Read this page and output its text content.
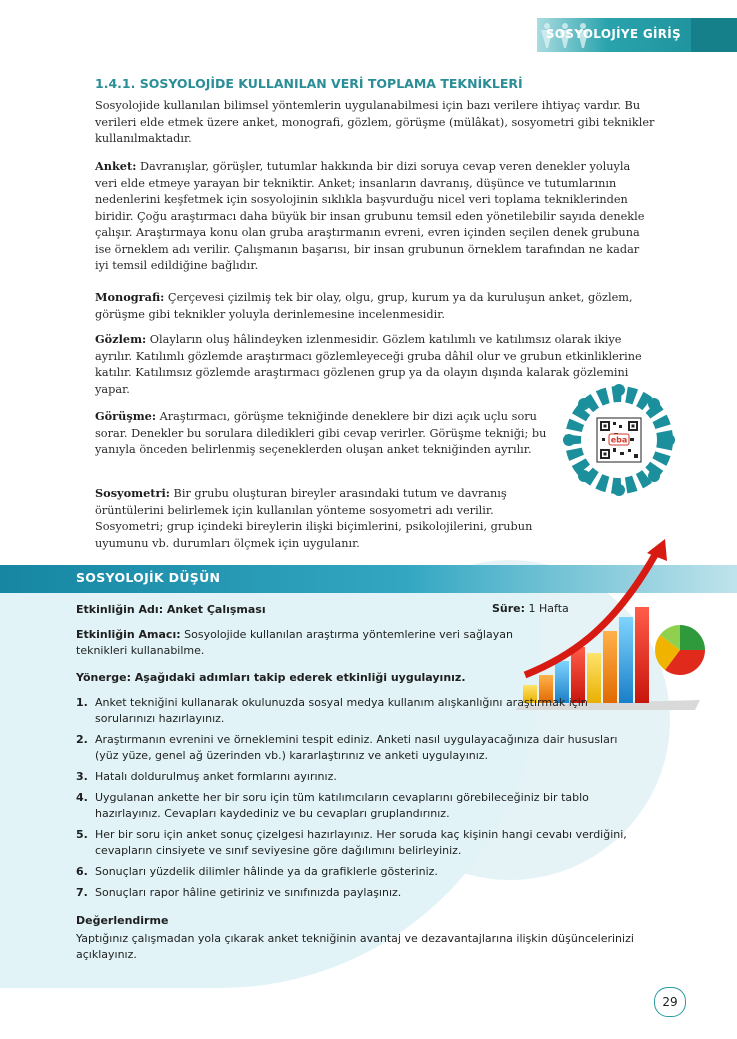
SOSYOLOJİYE GİRİŞ
1.4.1. SOSYOLOJİDE KULLANILAN VERİ TOPLAMA TEKNİKLERİ
Sosyolojide kullanılan bilimsel yöntemlerin uygulanabilmesi için bazı verilere ihtiyaç vardır. Bu verileri elde etmek üzere anket, monografi, gözlem, görüşme (mülâkat), sosyometri gibi teknikler kullanılmaktadır.
Anket: Davranışlar, görüşler, tutumlar hakkında bir dizi soruya cevap veren denekler yoluyla veri elde etmeye yarayan bir tekniktir. Anket; insanların davranış, düşünce ve tutumlarının nedenlerini keşfetmek için sosyolojinin sıklıkla başvurduğu nicel veri toplama tekniklerinden biridir. Çoğu araştırmacı daha büyük bir insan grubunu temsil eden yönetilebilir sayıda denekle çalışır. Araştırmaya konu olan gruba araştırmanın evreni, evren içinden seçilen denek grubuna ise örneklem adı verilir. Çalışmanın başarısı, bir insan grubunun örneklem tarafından ne kadar iyi temsil edildiğine bağlıdır.
Monografi: Çerçevesi çizilmiş tek bir olay, olgu, grup, kurum ya da kuruluşun anket, gözlem, görüşme gibi teknikler yoluyla derinlemesine incelenmesidir.
Gözlem: Olayların oluş hâlindeyken izlenmesidir. Gözlem katılımlı ve katılımsız olarak ikiye ayrılır. Katılımlı gözlemde araştırmacı gözlemleyeceği gruba dâhil olur ve grubun etkinliklerine katılır. Katılımsız gözlemde araştırmacı gözlenen grup ya da olayın dışında kalarak gözlemini yapar.
Görüşme: Araştırmacı, görüşme tekniğinde deneklere bir dizi açık uçlu soru sorar. Denekler bu sorulara diledikleri gibi cevap verirler. Görüşme tekniği; bu yanıyla önceden belirlenmiş seçeneklerden oluşan anket tekniğinden ayrılır.
Sosyometri: Bir grubu oluşturan bireyler arasındaki tutum ve davranış örüntülerini belirlemek için kullanılan yönteme sosyometri adı verilir. Sosyometri; grup içindeki bireylerin ilişki biçimlerini, psikolojilerini, grubun uyumunu vb. durumları ölçmek için uygulanır.
eba
SOSYOLOJİK DÜŞÜN
Etkinliğin Adı: Anket Çalışması	Süre: 1 Hafta
Etkinliğin Amacı: Sosyolojide kullanılan araştırma yöntemlerine veri sağlayan teknikleri kullanabilme.
Yönerge: Aşağıdaki adımları takip ederek etkinliği uygulayınız.
1. Anket tekniğini kullanarak okulunuzda sosyal medya kullanım alışkanlığını araştırmak için sorularınızı hazırlayınız.
2. Araştırmanın evrenini ve örneklemini tespit ediniz. Anketi nasıl uygulayacağınıza dair hususları (yüz yüze, genel ağ üzerinden vb.) kararlaştırınız ve anketi uygulayınız.
3. Hatalı doldurulmuş anket formlarını ayırınız.
4. Uygulanan ankette her bir soru için tüm katılımcıların cevaplarını görebileceğiniz bir tablo hazırlayınız. Cevapları kaydediniz ve bu cevapları gruplandırınız.
5. Her bir soru için anket sonuç çizelgesi hazırlayınız. Her soruda kaç kişinin hangi cevabı verdiğini, cevapların cinsiyete ve sınıf seviyesine göre dağılımını belirleyiniz.
6. Sonuçları yüzdelik dilimler hâlinde ya da grafiklerle gösteriniz.
7. Sonuçları rapor hâline getiriniz ve sınıfınızda paylaşınız.
Değerlendirme
Yaptığınız çalışmadan yola çıkarak anket tekniğinin avantaj ve dezavantajlarına ilişkin düşüncelerinizi açıklayınız.
29
